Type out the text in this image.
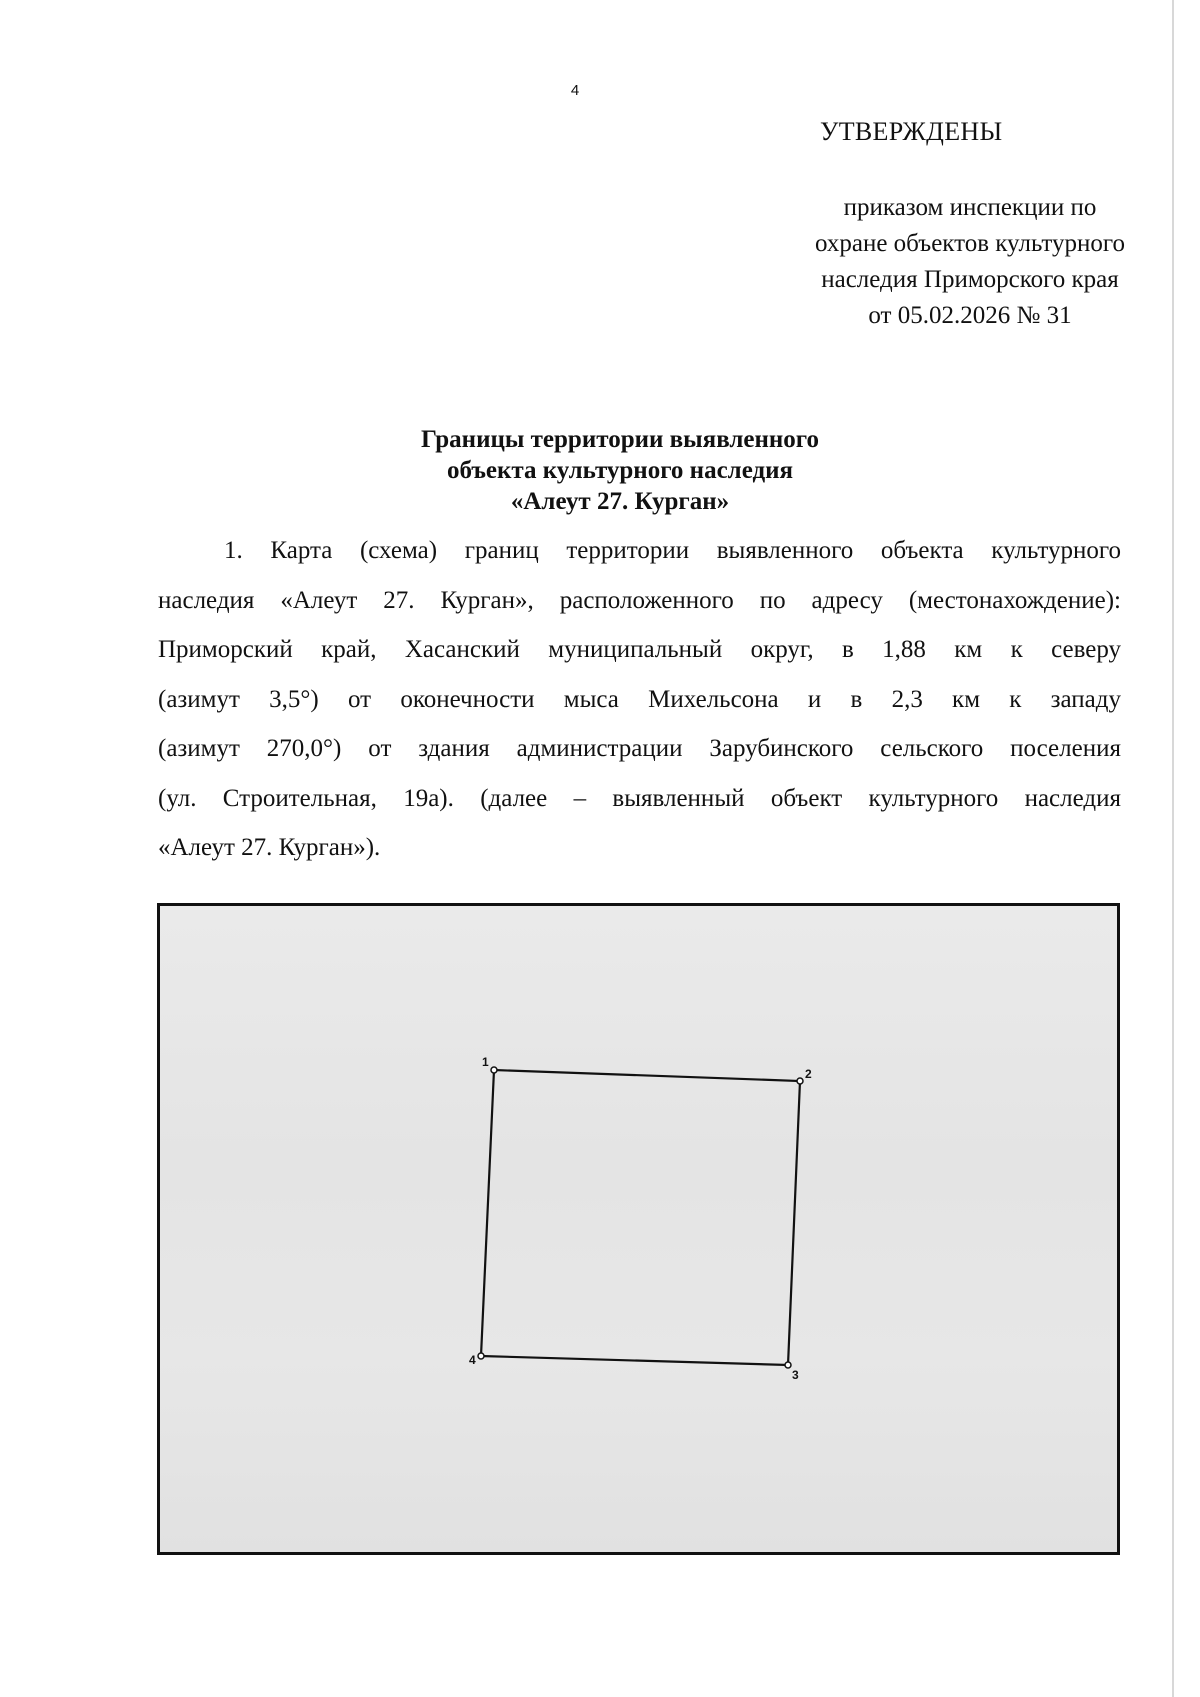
4
УТВЕРЖДЕНЫ
приказом инспекции по
охране объектов культурного
наследия Приморского края
от 05.02.2026 № 31
Границы территории выявленного
объекта культурного наследия
«Алеут 27. Курган»
1. Карта (схема) границ территории выявленного объекта культурного
наследия «Алеут 27. Курган», расположенного по адресу (местонахождение):
Приморский край, Хасанский муниципальный округ, в 1,88 км к северу
(азимут 3,5°) от оконечности мыса Михельсона и в 2,3 км к западу
(азимут 270,0°) от здания администрации Зарубинского сельского поселения
(ул. Строительная, 19а). (далее – выявленный объект культурного наследия
«Алеут 27. Курган»).
1
2
3
4
